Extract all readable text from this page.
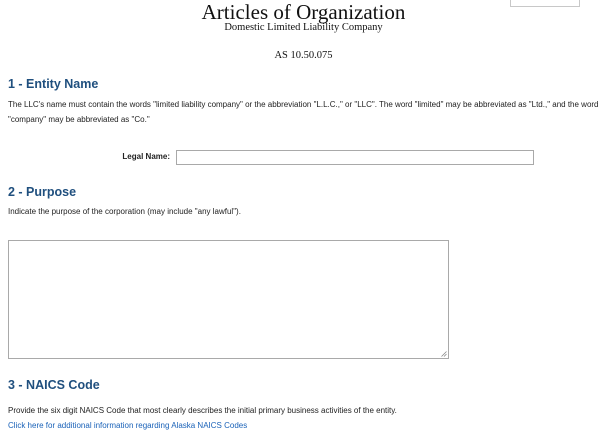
Articles of Organization
Domestic Limited Liability Company
AS 10.50.075
1 - Entity Name
The LLC's name must contain the words "limited liability company" or the abbreviation "L.L.C.," or "LLC". The word "limited" may be abbreviated as "Ltd.," and the word "company" may be abbreviated as "Co."
Legal Name:
2 - Purpose
Indicate the purpose of the corporation (may include "any lawful").
3 - NAICS Code
Provide the six digit NAICS Code that most clearly describes the initial primary business activities of the entity.
Click here for additional information regarding Alaska NAICS Codes
